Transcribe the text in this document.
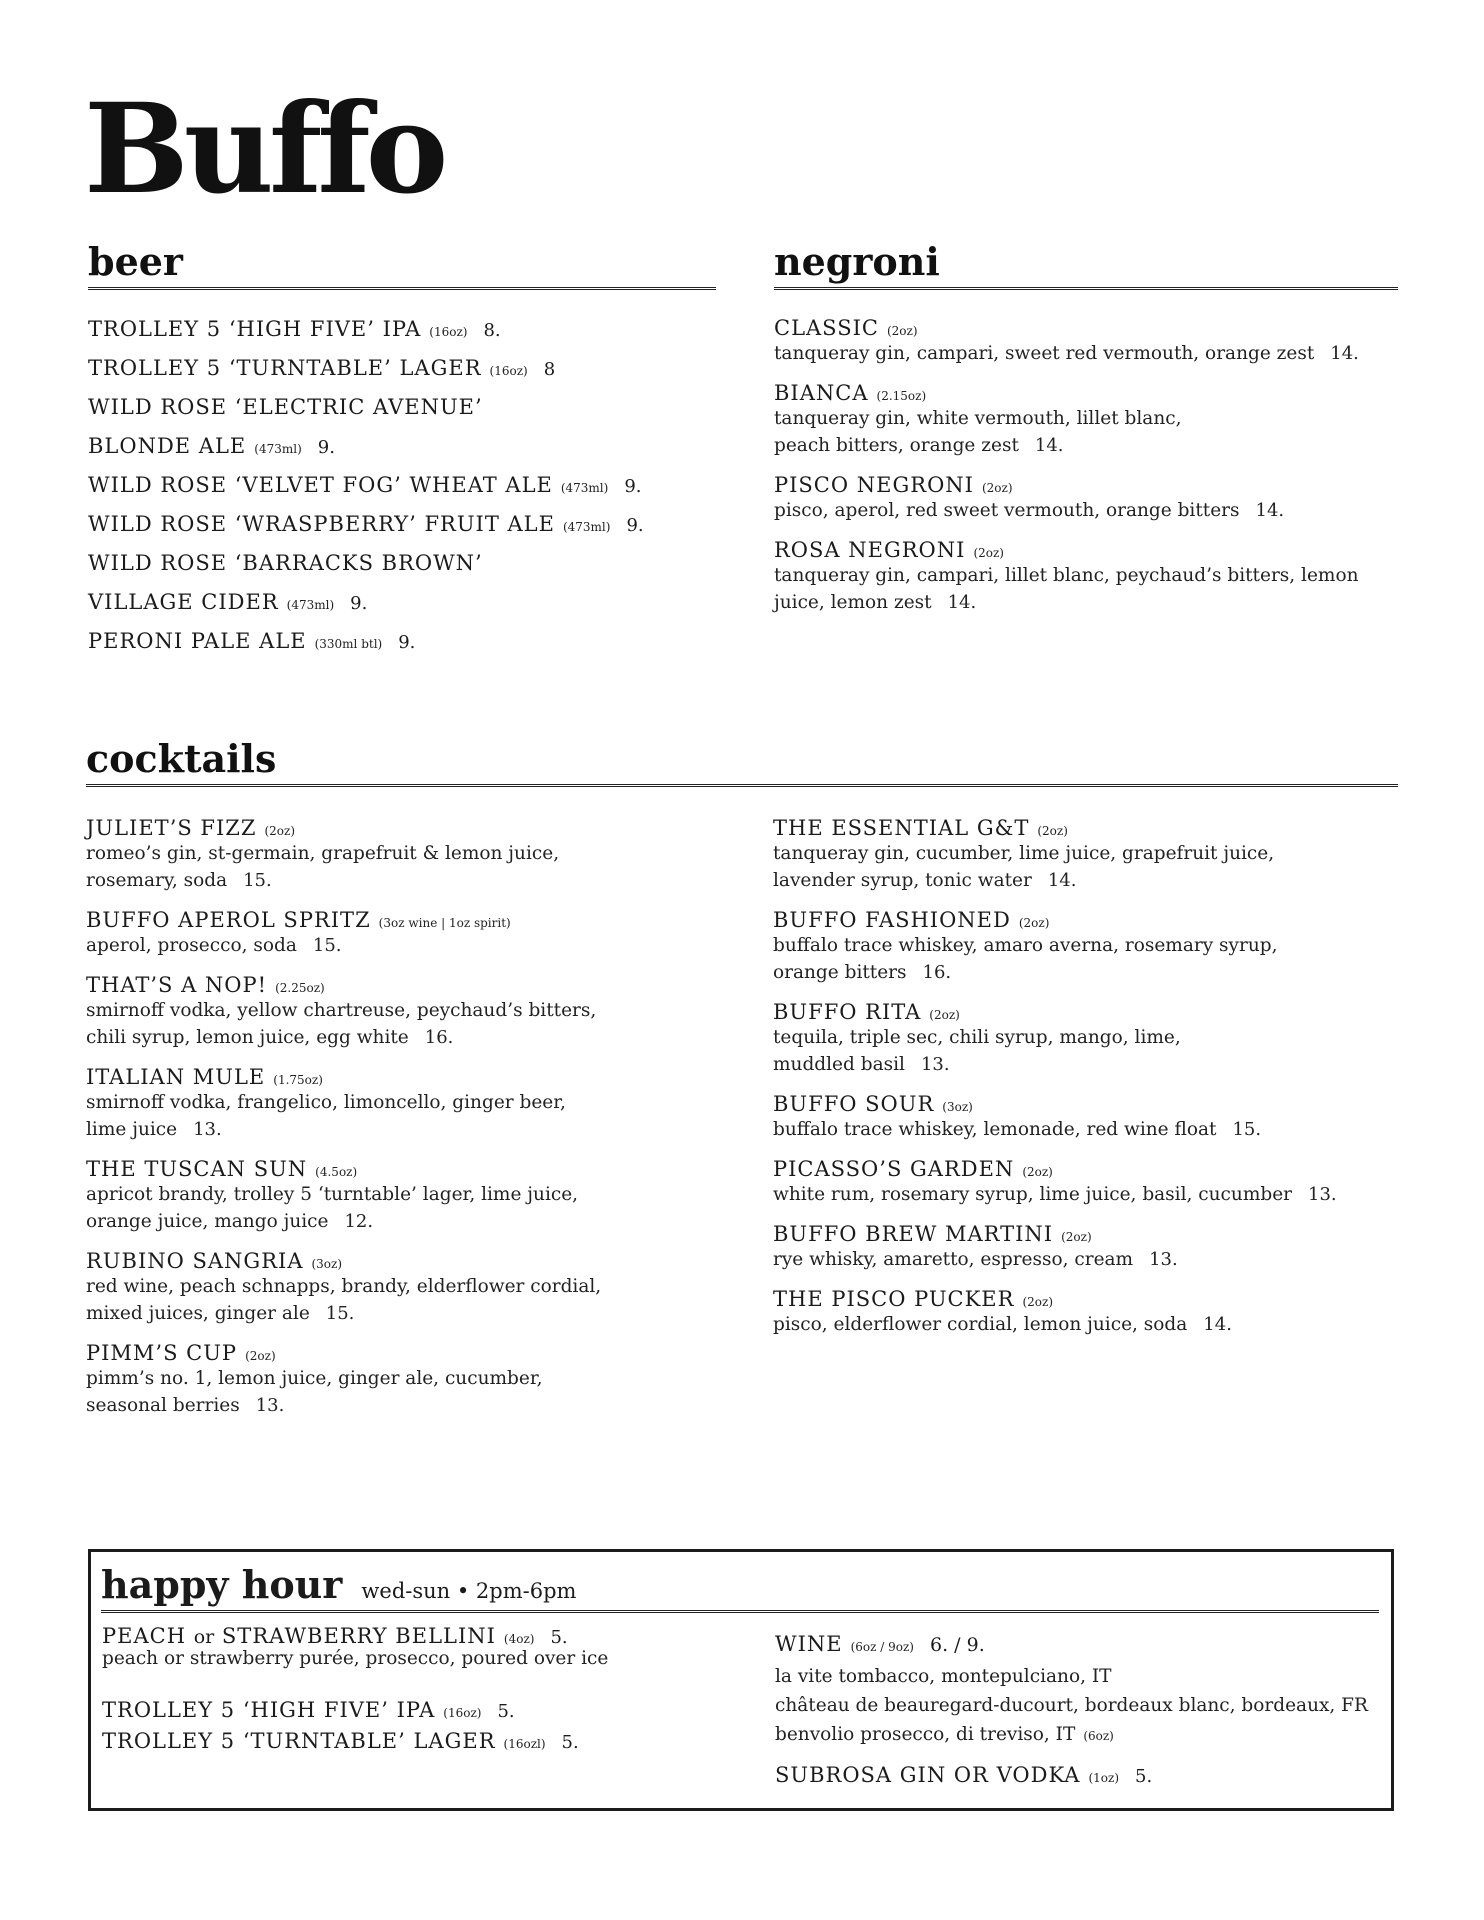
Buffo
beer	negroni
cocktails
TROLLEY 5 ‘HIGH FIVE’ IPA (16oz) 8.
TROLLEY 5 ‘TURNTABLE’ LAGER (16oz) 8
WILD ROSE ‘ELECTRIC AVENUE’
BLONDE ALE (473ml) 9.
WILD ROSE ‘VELVET FOG’ WHEAT ALE (473ml) 9.
WILD ROSE ‘WRASPBERRY’ FRUIT ALE (473ml) 9.
WILD ROSE ‘BARRACKS BROWN’
VILLAGE CIDER (473ml) 9.
PERONI PALE ALE (330ml btl) 9.
CLASSIC (2oz)
tanqueray gin, campari, sweet red vermouth, orange zest 14.
BIANCA (2.15oz)
tanqueray gin, white vermouth, lillet blanc,
peach bitters, orange zest 14.
PISCO NEGRONI (2oz)
pisco, aperol, red sweet vermouth, orange bitters 14.
ROSA NEGRONI (2oz)
tanqueray gin, campari, lillet blanc, peychaud’s bitters, lemon
juice, lemon zest 14.
JULIET’S FIZZ (2oz)
romeo’s gin, st-germain, grapefruit & lemon juice,
rosemary, soda 15.
BUFFO APEROL SPRITZ (3oz wine | 1oz spirit)
aperol, prosecco, soda 15.
THAT’S A NOP! (2.25oz)
smirnoff vodka, yellow chartreuse, peychaud’s bitters,
chili syrup, lemon juice, egg white 16.
ITALIAN MULE (1.75oz)
smirnoff vodka, frangelico, limoncello, ginger beer,
lime juice 13.
THE TUSCAN SUN (4.5oz)
apricot brandy, trolley 5 ‘turntable’ lager, lime juice,
orange juice, mango juice 12.
RUBINO SANGRIA (3oz)
red wine, peach schnapps, brandy, elderflower cordial,
mixed juices, ginger ale 15.
PIMM’S CUP (2oz)
pimm’s no. 1, lemon juice, ginger ale, cucumber,
seasonal berries 13.
THE ESSENTIAL G&T (2oz)
tanqueray gin, cucumber, lime juice, grapefruit juice,
lavender syrup, tonic water 14.
BUFFO FASHIONED (2oz)
buffalo trace whiskey, amaro averna, rosemary syrup,
orange bitters 16.
BUFFO RITA (2oz)
tequila, triple sec, chili syrup, mango, lime,
muddled basil 13.
BUFFO SOUR (3oz)
buffalo trace whiskey, lemonade, red wine float 15.
PICASSO’S GARDEN (2oz)
white rum, rosemary syrup, lime juice, basil, cucumber 13.
BUFFO BREW MARTINI (2oz)
rye whisky, amaretto, espresso, cream 13.
THE PISCO PUCKER (2oz)
pisco, elderflower cordial, lemon juice, soda 14.
happy hour wed-sun • 2pm-6pm
PEACH or STRAWBERRY BELLINI (4oz) 5.
peach or strawberry purée, prosecco, poured over ice
TROLLEY 5 ‘HIGH FIVE’ IPA (16oz) 5.
TROLLEY 5 ‘TURNTABLE’ LAGER (16ozl) 5.
WINE (6oz / 9oz) 6. / 9.
la vite tombacco, montepulciano, IT
château de beauregard-ducourt, bordeaux blanc, bordeaux, FR
benvolio prosecco, di treviso, IT (6oz)
SUBROSA GIN OR VODKA (1oz) 5.
